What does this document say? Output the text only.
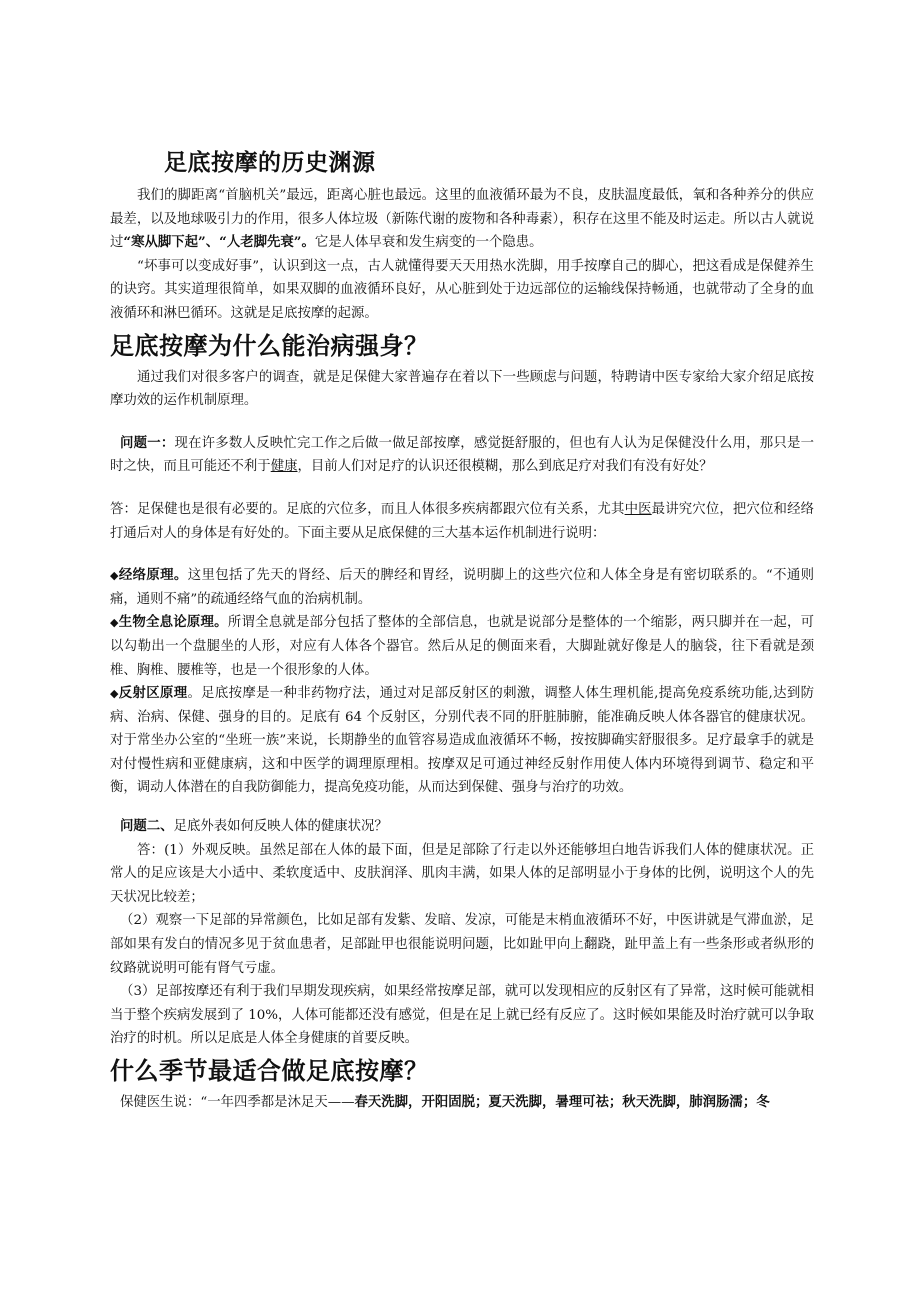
足底按摩的历史渊源

我们的脚距离“首脑机关”最远，距离心脏也最远。这里的血液循环最为不良，皮肤温度最低，氧和各种养分的供应最差，以及地球吸引力的作用，很多人体垃圾（新陈代谢的废物和各种毒素），积存在这里不能及时运走。所以古人就说过“寒从脚下起”、“人老脚先衰”。它是人体早衰和发生病变的一个隐患。

“坏事可以变成好事”，认识到这一点，古人就懂得要天天用热水洗脚，用手按摩自己的脚心，把这看成是保健养生的诀窍。其实道理很简单，如果双脚的血液循环良好，从心脏到处于边远部位的运输线保持畅通，也就带动了全身的血液循环和淋巴循环。这就是足底按摩的起源。

足底按摩为什么能治病强身？

通过我们对很多客户的调查，就是足保健大家普遍存在着以下一些顾虑与问题，特聘请中医专家给大家介绍足底按摩功效的运作机制原理。

问题一：现在许多数人反映忙完工作之后做一做足部按摩，感觉挺舒服的，但也有人认为足保健没什么用，那只是一时之快，而且可能还不利于健康，目前人们对足疗的认识还很模糊，那么到底足疗对我们有没有好处？

答：足保健也是很有必要的。足底的穴位多，而且人体很多疾病都跟穴位有关系，尤其中医最讲究穴位，把穴位和经络打通后对人的身体是有好处的。下面主要从足底保健的三大基本运作机制进行说明：

◆经络原理。这里包括了先天的肾经、后天的脾经和胃经，说明脚上的这些穴位和人体全身是有密切联系的。“不通则痛，通则不痛”的疏通经络气血的治病机制。

◆生物全息论原理。所谓全息就是部分包括了整体的全部信息，也就是说部分是整体的一个缩影，两只脚并在一起，可以勾勒出一个盘腿坐的人形，对应有人体各个器官。然后从足的侧面来看，大脚趾就好像是人的脑袋，往下看就是颈椎、胸椎、腰椎等，也是一个很形象的人体。

◆反射区原理。足底按摩是一种非药物疗法，通过对足部反射区的刺激，调整人体生理机能,提高免疫系统功能,达到防病、治病、保健、强身的目的。足底有 64 个反射区，分别代表不同的肝脏肺腑，能准确反映人体各器官的健康状况。对于常坐办公室的“坐班一族”来说，长期静坐的血管容易造成血液循环不畅，按按脚确实舒服很多。足疗最拿手的就是对付慢性病和亚健康病，这和中医学的调理原理相。按摩双足可通过神经反射作用使人体内环境得到调节、稳定和平衡，调动人体潜在的自我防御能力，提高免疫功能，从而达到保健、强身与治疗的功效。

问题二、足底外表如何反映人体的健康状况？

答：(1）外观反映。虽然足部在人体的最下面，但是足部除了行走以外还能够坦白地告诉我们人体的健康状况。正常人的足应该是大小适中、柔软度适中、皮肤润泽、肌肉丰满，如果人体的足部明显小于身体的比例，说明这个人的先天状况比较差；

（2）观察一下足部的异常颜色，比如足部有发紫、发暗、发凉，可能是末梢血液循环不好，中医讲就是气滞血淤，足部如果有发白的情况多见于贫血患者，足部趾甲也很能说明问题，比如趾甲向上翻跷，趾甲盖上有一些条形或者纵形的纹路就说明可能有肾气亏虚。

（3）足部按摩还有利于我们早期发现疾病，如果经常按摩足部，就可以发现相应的反射区有了异常，这时候可能就相当于整个疾病发展到了 10%，人体可能都还没有感觉，但是在足上就已经有反应了。这时候如果能及时治疗就可以争取治疗的时机。所以足底是人体全身健康的首要反映。

什么季节最适合做足底按摩？

保健医生说：“一年四季都是沐足天——春天洗脚，开阳固脱；夏天洗脚，暑理可祛；秋天洗脚，肺润肠濡；冬
